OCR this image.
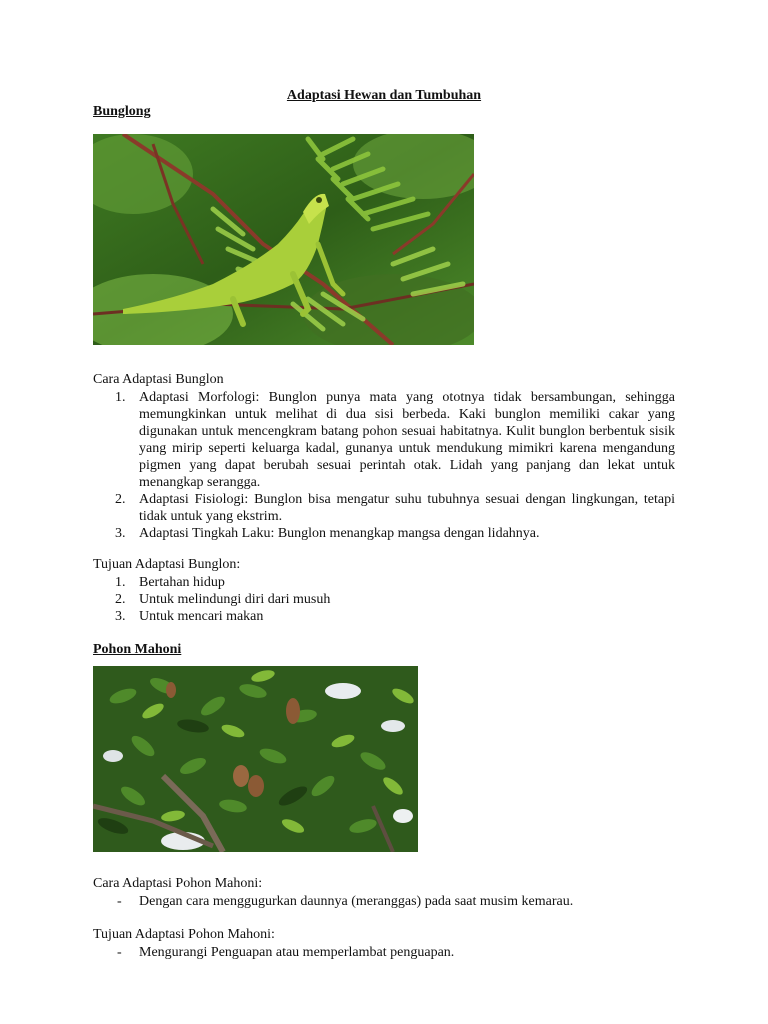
Adaptasi Hewan dan Tumbuhan
Bunglong
Cara Adaptasi Bunglon
1. Adaptasi Morfologi: Bunglon punya mata yang ototnya tidak bersambungan, sehingga memungkinkan untuk melihat di dua sisi berbeda. Kaki bunglon memiliki cakar yang digunakan untuk mencengkram batang pohon sesuai habitatnya. Kulit bunglon berbentuk sisik yang mirip seperti keluarga kadal, gunanya untuk mendukung mimikri karena mengandung pigmen yang dapat berubah sesuai perintah otak. Lidah yang panjang dan lekat untuk menangkap serangga.
2. Adaptasi Fisiologi: Bunglon bisa mengatur suhu tubuhnya sesuai dengan lingkungan, tetapi tidak untuk yang ekstrim.
3. Adaptasi Tingkah Laku: Bunglon menangkap mangsa dengan lidahnya.
Tujuan Adaptasi Bunglon:
1. Bertahan hidup
2. Untuk melindungi diri dari musuh
3. Untuk mencari makan
Pohon Mahoni
Cara Adaptasi Pohon Mahoni:
- Dengan cara menggugurkan daunnya (meranggas) pada saat musim kemarau.
Tujuan Adaptasi Pohon Mahoni:
- Mengurangi Penguapan atau memperlambat penguapan.
